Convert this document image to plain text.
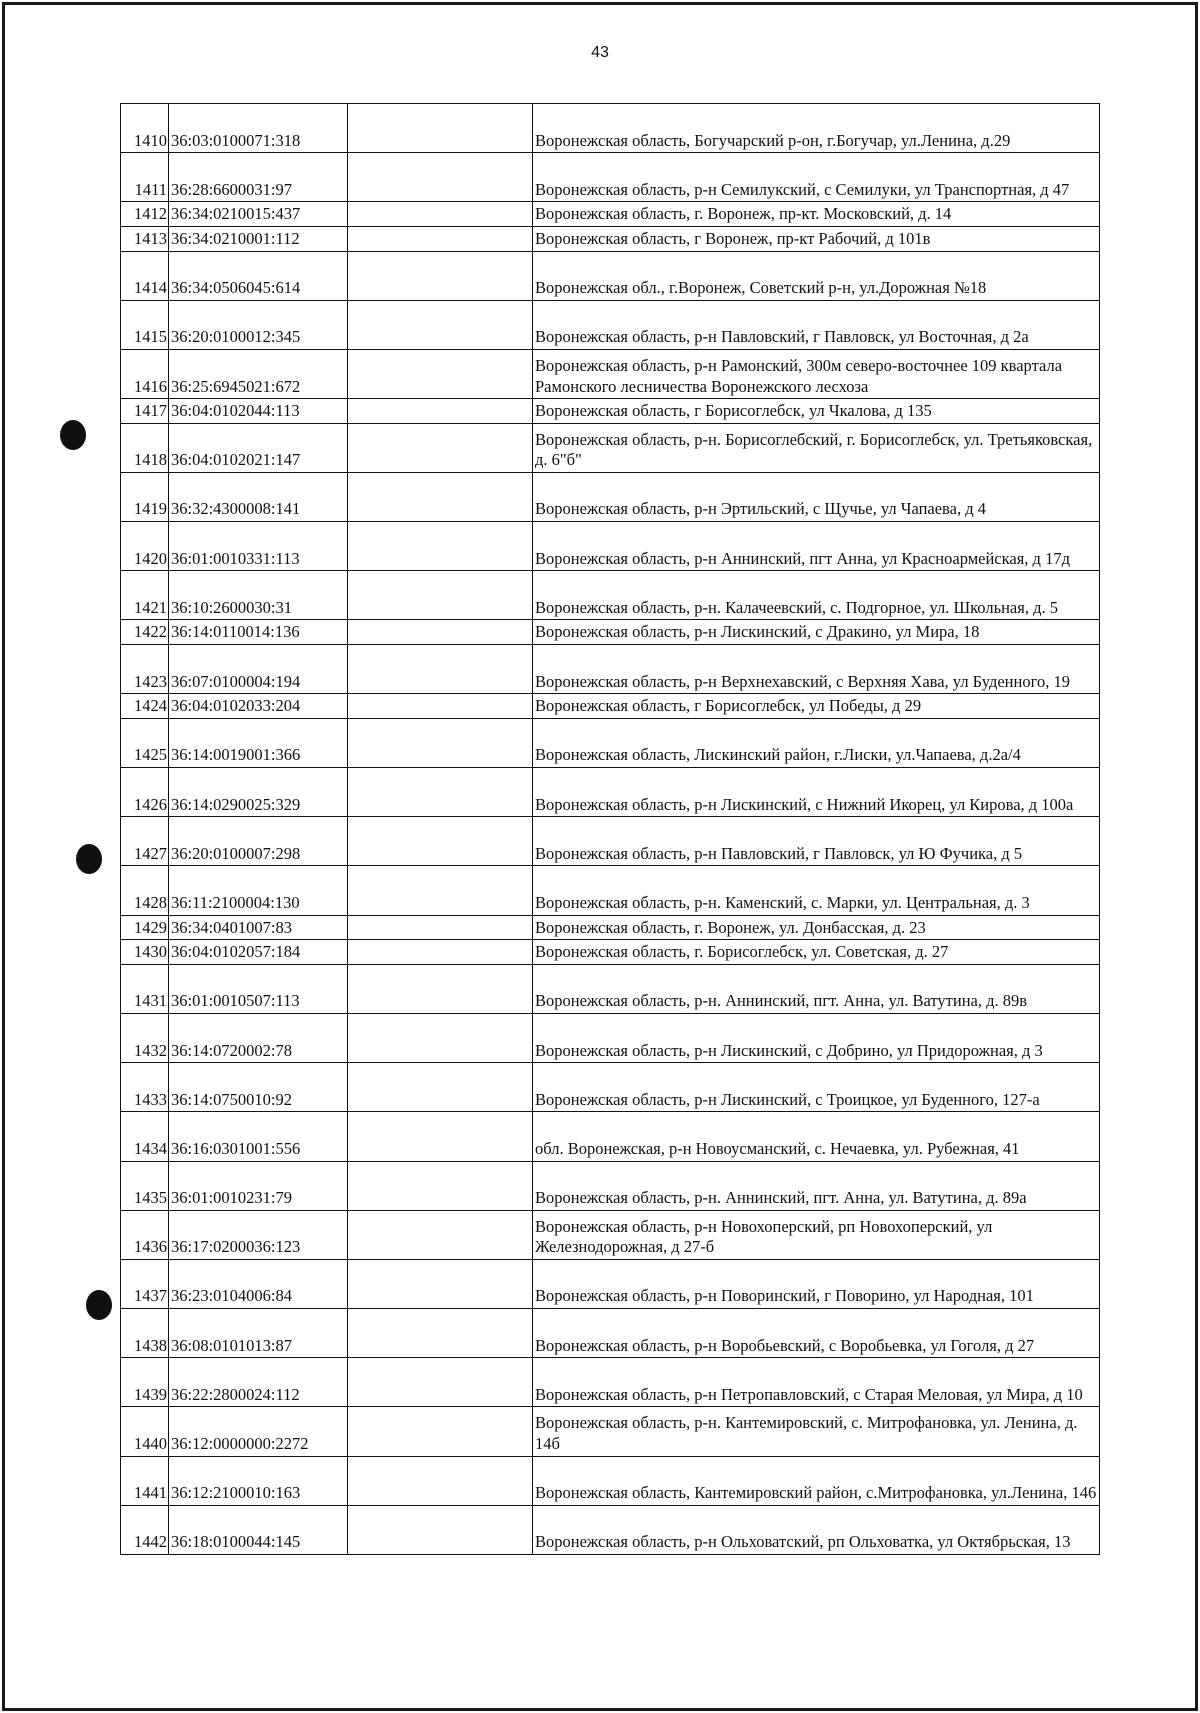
43
1410	36:03:0100071:318		Воронежская область, Богучарский р-он, г.Богучар, ул.Ленина, д.29
1411	36:28:6600031:97		Воронежская область, р-н Семилукский, с Семилуки, ул Транспортная, д 47
1412	36:34:0210015:437		Воронежская область, г. Воронеж, пр-кт. Московский, д. 14
1413	36:34:0210001:112		Воронежская область, г Воронеж, пр-кт Рабочий, д 101в
1414	36:34:0506045:614		Воронежская обл., г.Воронеж, Советский р-н, ул.Дорожная №18
1415	36:20:0100012:345		Воронежская область, р-н Павловский, г Павловск, ул Восточная, д 2а
1416	36:25:6945021:672		Воронежская область, р-н Рамонский, 300м северо-восточнее 109 квартала Рамонского лесничества Воронежского лесхоза
1417	36:04:0102044:113		Воронежская область, г Борисоглебск, ул Чкалова, д 135
1418	36:04:0102021:147		Воронежская область, р-н. Борисоглебский, г. Борисоглебск, ул. Третьяковская, д. 6"б"
1419	36:32:4300008:141		Воронежская область, р-н Эртильский, с Щучье, ул Чапаева, д 4
1420	36:01:0010331:113		Воронежская область, р-н Аннинский, пгт Анна, ул Красноармейская, д 17д
1421	36:10:2600030:31		Воронежская область, р-н. Калачеевский, с. Подгорное, ул. Школьная, д. 5
1422	36:14:0110014:136		Воронежская область, р-н Лискинский, с Дракино, ул Мира, 18
1423	36:07:0100004:194		Воронежская область, р-н Верхнехавский, с Верхняя Хава, ул Буденного, 19
1424	36:04:0102033:204		Воронежская область, г Борисоглебск, ул Победы, д 29
1425	36:14:0019001:366		Воронежская область, Лискинский район, г.Лиски, ул.Чапаева, д.2а/4
1426	36:14:0290025:329		Воронежская область, р-н Лискинский, с Нижний Икорец, ул Кирова, д 100а
1427	36:20:0100007:298		Воронежская область, р-н Павловский, г Павловск, ул Ю Фучика, д 5
1428	36:11:2100004:130		Воронежская область, р-н. Каменский, с. Марки, ул. Центральная, д. 3
1429	36:34:0401007:83		Воронежская область, г. Воронеж, ул. Донбасская, д. 23
1430	36:04:0102057:184		Воронежская область, г. Борисоглебск, ул. Советская, д. 27
1431	36:01:0010507:113		Воронежская область, р-н. Аннинский, пгт. Анна, ул. Ватутина, д. 89в
1432	36:14:0720002:78		Воронежская область, р-н Лискинский, с Добрино, ул Придорожная, д 3
1433	36:14:0750010:92		Воронежская область, р-н Лискинский, с Троицкое, ул Буденного, 127-а
1434	36:16:0301001:556		обл. Воронежская, р-н Новоусманский, с. Нечаевка, ул. Рубежная, 41
1435	36:01:0010231:79		Воронежская область, р-н. Аннинский, пгт. Анна, ул. Ватутина, д. 89а
1436	36:17:0200036:123		Воронежская область, р-н Новохоперский, рп Новохоперский, ул Железнодорожная, д 27-б
1437	36:23:0104006:84		Воронежская область, р-н Поворинский, г Поворино, ул Народная, 101
1438	36:08:0101013:87		Воронежская область, р-н Воробьевский, с Воробьевка, ул Гоголя, д 27
1439	36:22:2800024:112		Воронежская область, р-н Петропавловский, с Старая Меловая, ул Мира, д 10
1440	36:12:0000000:2272		Воронежская область, р-н. Кантемировский, с. Митрофановка, ул. Ленина, д. 14б
1441	36:12:2100010:163		Воронежская область, Кантемировский район, с.Митрофановка, ул.Ленина, 146
1442	36:18:0100044:145		Воронежская область, р-н Ольховатский, рп Ольховатка, ул Октябрьская, 13
